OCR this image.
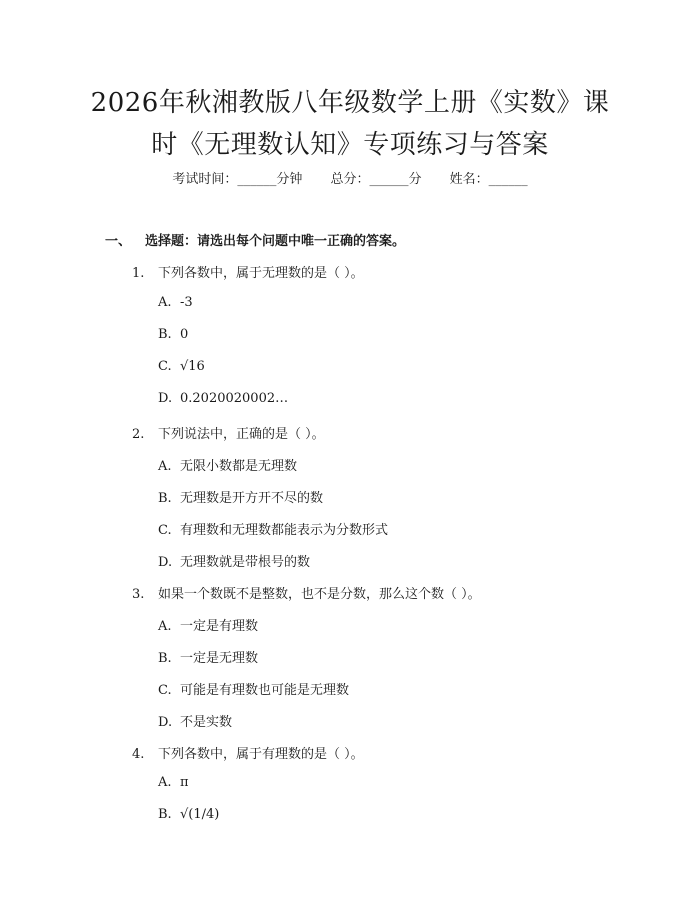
2026年秋湘教版八年级数学上册《实数》课
时《无理数认知》专项练习与答案
考试时间：______分钟 总分：______分 姓名：______
一、 选择题：请选出每个问题中唯一正确的答案。
1. 下列各数中，属于无理数的是（ ）。
A. -3
B. 0
C. √16
D. 0.2020020002…
2. 下列说法中，正确的是（ ）。
A. 无限小数都是无理数
B. 无理数是开方开不尽的数
C. 有理数和无理数都能表示为分数形式
D. 无理数就是带根号的数
3. 如果一个数既不是整数，也不是分数，那么这个数（ ）。
A. 一定是有理数
B. 一定是无理数
C. 可能是有理数也可能是无理数
D. 不是实数
4. 下列各数中，属于有理数的是（ ）。
A. π
B. √(1/4)
